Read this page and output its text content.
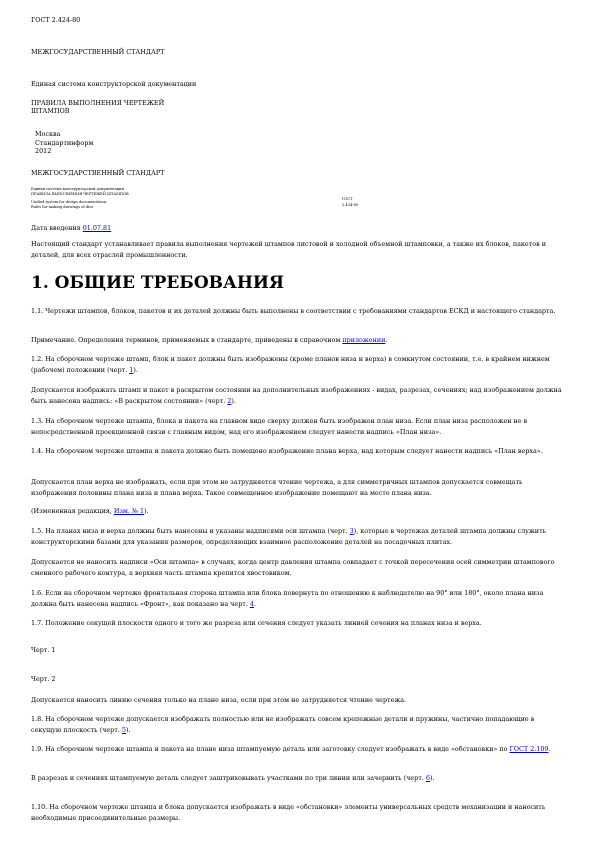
ГОСТ 2.424-80

МЕЖГОСУДАРСТВЕННЫЙ СТАНДАРТ

Единая система конструкторской документации

ПРАВИЛА ВЫПОЛНЕНИЯ ЧЕРТЕЖЕЙ

ШТАМПОВ

Москва

Стандартинформ

2012

МЕЖГОСУДАРСТВЕННЫЙ СТАНДАРТ

Единая система конструкторской документации

ПРАВИЛА ВЫПОЛНЕНИЯ ЧЕРТЕЖЕЙ ШТАМПОВ

Unified system for design documentation.

Rules for making drawings of dies

ГОСТ

2.424-80

Дата введения 01.07.81

Настоящий стандарт устанавливает правила выполнения чертежей штампов листовой и холодной объемной штамповки, а также их блоков, пакетов и деталей, для всех отраслей промышленности.

1. ОБЩИЕ ТРЕБОВАНИЯ

1.1. Чертежи штампов, блоков, пакетов и их деталей должны быть выполнены в соответствии с требованиями стандартов ЕСКД и настоящего стандарта.

Примечание. Определения терминов, применяемых в стандарте, приведены в справочном приложении.

1.2. На сборочном чертеже штамп, блок и пакет должны быть изображены (кроме планов низа и верха) в сомкнутом состоянии, т.е. в крайнем нижнем (рабочем) положении (черт. 1).

Допускается изображать штамп и пакет в раскрытом состоянии на дополнительных изображениях - видах, разрезах, сечениях; над изображением должна быть нанесена надпись: «В раскрытом состоянии» (черт. 2).

1.3. На сборочном чертеже штампа, блока и пакета на главном виде сверху должен быть изображен план низа. Если план низа расположен не в непосредственной проекционной связи с главным видом, над его изображением следует нанести надпись «План низа».

1.4. На сборочном чертеже штампа и пакета должно быть помещено изображение плана верха, над которым следует нанести надпись «План верха».

Допускается план верха не изображать, если при этом не затрудняется чтение чертежа, а для симметричных штампов допускается совмещать изображения половины плана низа и плана верха. Такое совмещенное изображение помещают на месте плана низа.

(Измененная редакция, Изм. № 1).

1.5. На планах низа и верха должны быть нанесены и указаны надписями оси штампа (черт. 3), которые в чертежах деталей штампа должны служить конструкторскими базами для указания размеров, определяющих взаимное расположение деталей на посадочных плитах.

Допускается не наносить надписи «Оси штампа» в случаях, когда центр давления штампа совпадает с точкой пересечения осей симметрии штампового сменного рабочего контура, а верхняя часть штампа крепится хвостовиком.

1.6. Если на сборочном чертеже фронтальная сторона штампа или блока повернута по отношению к наблюдателю на 90° или 180°, около плана низа должна быть нанесена надпись «Фронт», как показано на черт. 4.

1.7. Положение секущей плоскости одного и того же разреза или сечения следует указать линией сечения на планах низа и верха.

Черт. 1

Черт. 2

Допускается наносить линию сечения только на плане низа, если при этом не затрудняется чтение чертежа.

1.8. На сборочном чертеже допускается изображать полностью или не изображать совсем крепежные детали и пружины, частично попадающие в секущую плоскость (черт. 5).

1.9. На сборочном чертеже штампа и пакета на плане низа штампуемую деталь или заготовку следует изображать в виде «обстановки» по ГОСТ 2.109.

В разрезах и сечениях штампуемую деталь следует заштриховывать участками по три линии или зачернить (черт. 6).

1.10. На сборочном чертеже штампа и блока допускается изображать в виде «обстановки» элементы универсальных средств механизации и наносить необходимые присоединительные размеры.
